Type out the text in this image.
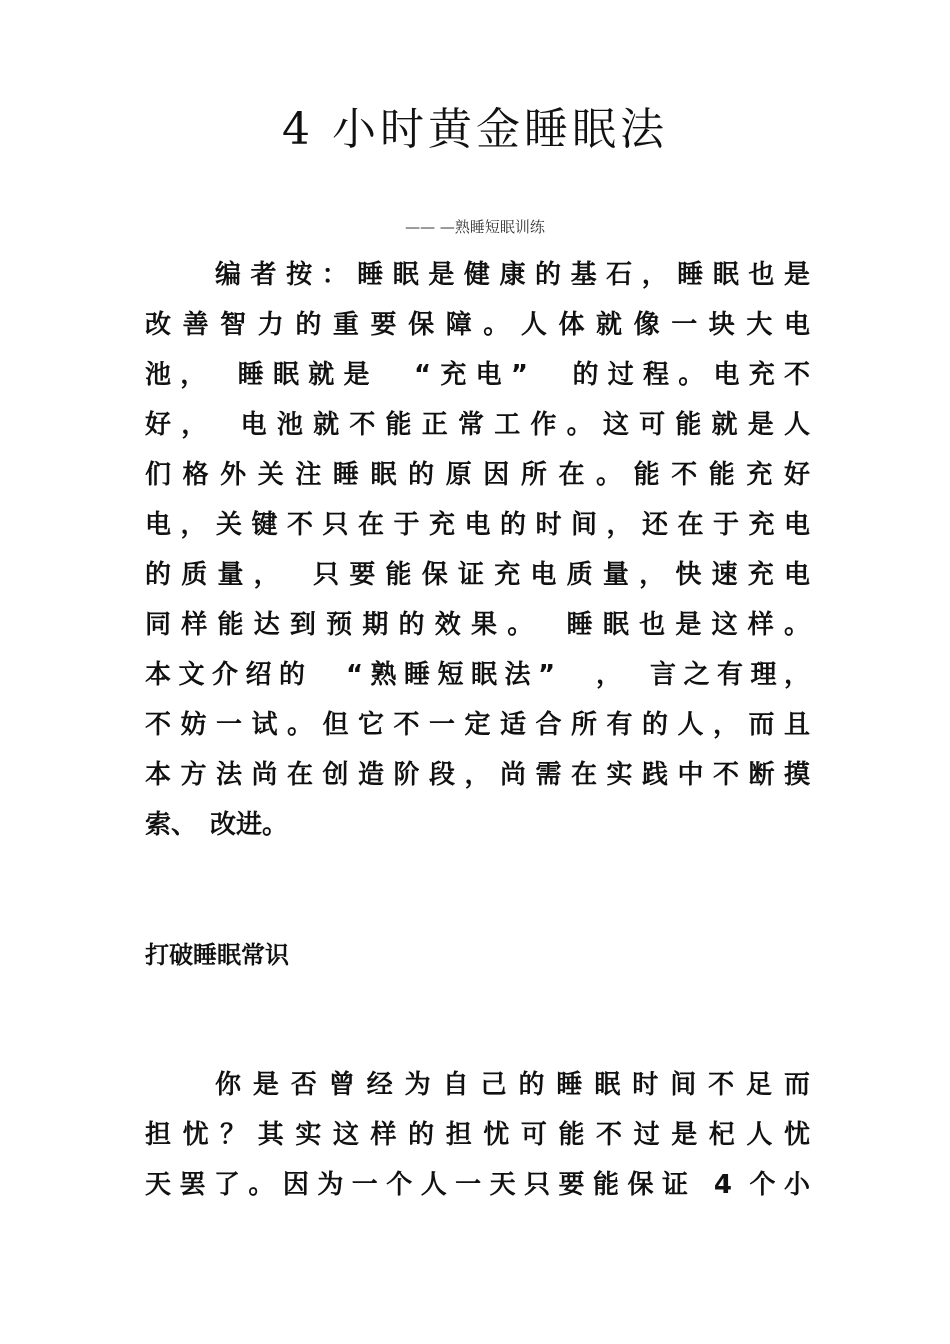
4 小时黄金睡眠法
—— —熟睡短眠训练
编者按：睡眠是健康的基石，睡眠也是
改善智力的重要保障。人体就像一块大电
池，　睡眠就是　“充电”　的过程。电充不
好，　电池就不能正常工作。这可能就是人
们格外关注睡眠的原因所在。能不能充好
电，关键不只在于充电的时间，还在于充电
的质量，　只要能保证充电质量，快速充电
同样能达到预期的效果。　睡眠也是这样。
本文介绍的　“熟睡短眠法”　，　言之有理，
不妨一试。但它不一定适合所有的人，而且
本方法尚在创造阶段，尚需在实践中不断摸
索、　改进。
打破睡眠常识
你是否曾经为自己的睡眠时间不足而
担忧？其实这样的担忧可能不过是杞人忧
天罢了。因为一个人一天只要能保证 4 个小
